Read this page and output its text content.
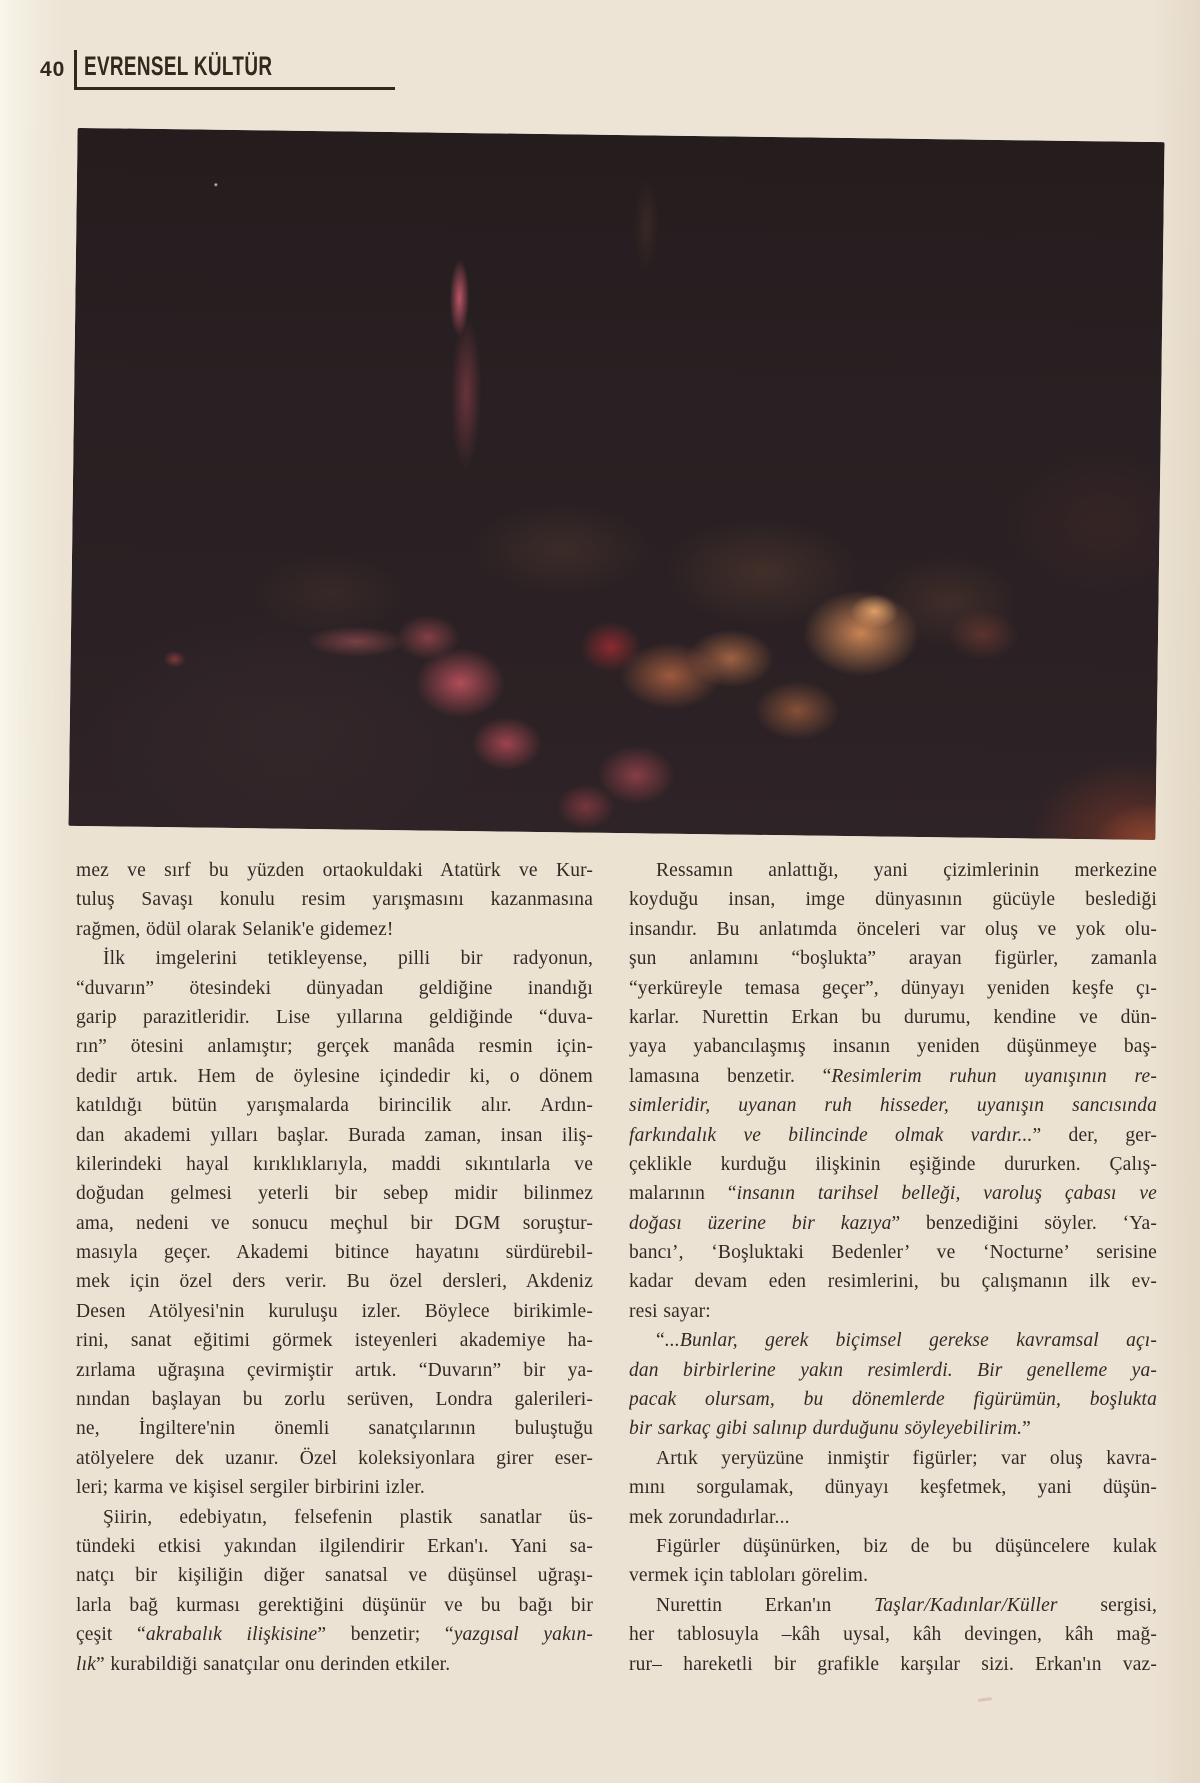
40 EVRENSEL KÜLTÜR
mez ve sırf bu yüzden ortaokuldaki Atatürk ve Kur-
tuluş Savaşı konulu resim yarışmasını kazanmasına
rağmen, ödül olarak Selanik'e gidemez!
İlk imgelerini tetikleyense, pilli bir radyonun,
“duvarın” ötesindeki dünyadan geldiğine inandığı
garip parazitleridir. Lise yıllarına geldiğinde “duva-
rın” ötesini anlamıştır; gerçek manâda resmin için-
dedir artık. Hem de öylesine içindedir ki, o dönem
katıldığı bütün yarışmalarda birincilik alır. Ardın-
dan akademi yılları başlar. Burada zaman, insan iliş-
kilerindeki hayal kırıklıklarıyla, maddi sıkıntılarla ve
doğudan gelmesi yeterli bir sebep midir bilinmez
ama, nedeni ve sonucu meçhul bir DGM soruştur-
masıyla geçer. Akademi bitince hayatını sürdürebil-
mek için özel ders verir. Bu özel dersleri, Akdeniz
Desen Atölyesi'nin kuruluşu izler. Böylece birikimle-
rini, sanat eğitimi görmek isteyenleri akademiye ha-
zırlama uğraşına çevirmiştir artık. “Duvarın” bir ya-
nından başlayan bu zorlu serüven, Londra galerileri-
ne, İngiltere'nin önemli sanatçılarının buluştuğu
atölyelere dek uzanır. Özel koleksiyonlara girer eser-
leri; karma ve kişisel sergiler birbirini izler.
Şiirin, edebiyatın, felsefenin plastik sanatlar üs-
tündeki etkisi yakından ilgilendirir Erkan'ı. Yani sa-
natçı bir kişiliğin diğer sanatsal ve düşünsel uğraşı-
larla bağ kurması gerektiğini düşünür ve bu bağı bir
çeşit “akrabalık ilişkisine” benzetir; “yazgısal yakın-
lık” kurabildiği sanatçılar onu derinden etkiler.
Ressamın anlattığı, yani çizimlerinin merkezine
koyduğu insan, imge dünyasının gücüyle beslediği
insandır. Bu anlatımda önceleri var oluş ve yok olu-
şun anlamını “boşlukta” arayan figürler, zamanla
“yerküreyle temasa geçer”, dünyayı yeniden keşfe çı-
karlar. Nurettin Erkan bu durumu, kendine ve dün-
yaya yabancılaşmış insanın yeniden düşünmeye baş-
lamasına benzetir. “Resimlerim ruhun uyanışının re-
simleridir, uyanan ruh hisseder, uyanışın sancısında
farkındalık ve bilincinde olmak vardır...” der, ger-
çeklikle kurduğu ilişkinin eşiğinde dururken. Çalış-
malarının “insanın tarihsel belleği, varoluş çabası ve
doğası üzerine bir kazıya” benzediğini söyler. ‘Ya-
bancı’, ‘Boşluktaki Bedenler’ ve ‘Nocturne’ serisine
kadar devam eden resimlerini, bu çalışmanın ilk ev-
resi sayar:
“...Bunlar, gerek biçimsel gerekse kavramsal açı-
dan birbirlerine yakın resimlerdi. Bir genelleme ya-
pacak olursam, bu dönemlerde figürümün, boşlukta
bir sarkaç gibi salınıp durduğunu söyleyebilirim.”
Artık yeryüzüne inmiştir figürler; var oluş kavra-
mını sorgulamak, dünyayı keşfetmek, yani düşün-
mek zorundadırlar...
Figürler düşünürken, biz de bu düşüncelere kulak
vermek için tabloları görelim.
Nurettin Erkan'ın Taşlar/Kadınlar/Küller sergisi,
her tablosuyla –kâh uysal, kâh devingen, kâh mağ-
rur– hareketli bir grafikle karşılar sizi. Erkan'ın vaz-
